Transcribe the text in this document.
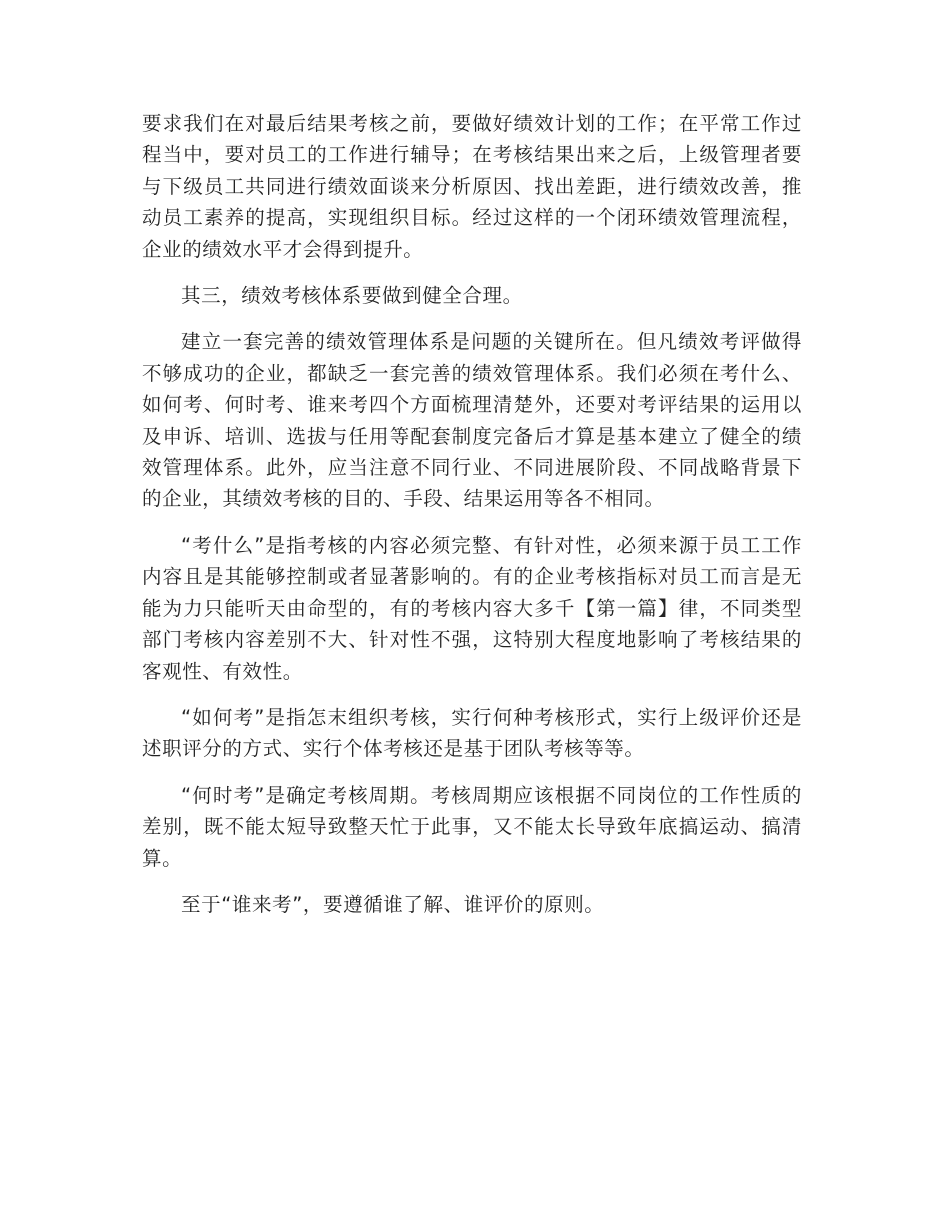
要求我们在对最后结果考核之前，要做好绩效计划的工作；在平常工作过程当中，要对员工的工作进行辅导；在考核结果出来之后，上级管理者要与下级员工共同进行绩效面谈来分析原因、找出差距，进行绩效改善，推动员工素养的提高，实现组织目标。经过这样的一个闭环绩效管理流程，企业的绩效水平才会得到提升。

其三，绩效考核体系要做到健全合理。

建立一套完善的绩效管理体系是问题的关键所在。但凡绩效考评做得不够成功的企业，都缺乏一套完善的绩效管理体系。我们必须在考什么、如何考、何时考、谁来考四个方面梳理清楚外，还要对考评结果的运用以及申诉、培训、选拔与任用等配套制度完备后才算是基本建立了健全的绩效管理体系。此外，应当注意不同行业、不同进展阶段、不同战略背景下的企业，其绩效考核的目的、手段、结果运用等各不相同。

“考什么”是指考核的内容必须完整、有针对性，必须来源于员工工作内容且是其能够控制或者显著影响的。有的企业考核指标对员工而言是无能为力只能听天由命型的，有的考核内容大多千【第一篇】律，不同类型部门考核内容差别不大、针对性不强，这特别大程度地影响了考核结果的客观性、有效性。

“如何考”是指怎末组织考核，实行何种考核形式，实行上级评价还是述职评分的方式、实行个体考核还是基于团队考核等等。

“何时考”是确定考核周期。考核周期应该根据不同岗位的工作性质的差别，既不能太短导致整天忙于此事，又不能太长导致年底搞运动、搞清算。

至于“谁来考”，要遵循谁了解、谁评价的原则。
